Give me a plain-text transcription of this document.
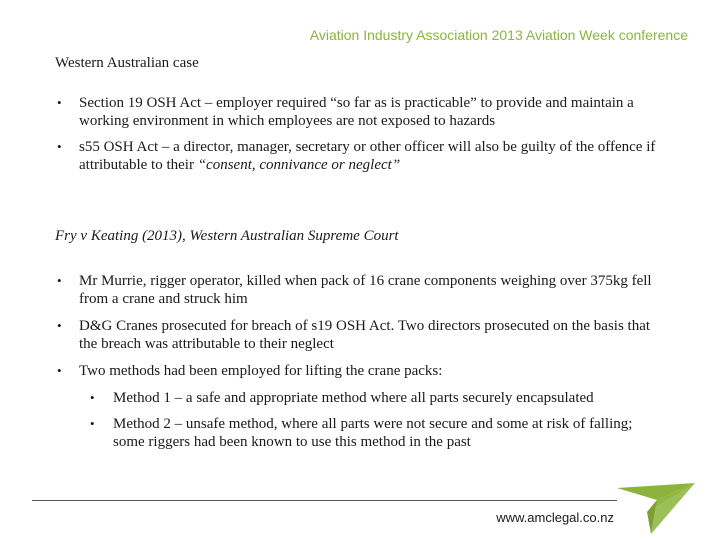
Aviation Industry Association 2013 Aviation Week conference
Western Australian case
• Section 19 OSH Act – employer required “so far as is practicable” to provide and maintain a working environment in which employees are not exposed to hazards
• s55 OSH Act – a director, manager, secretary or other officer will also be guilty of the offence if attributable to their “consent, connivance or neglect”
Fry v Keating (2013), Western Australian Supreme Court
• Mr Murrie, rigger operator, killed when pack of 16 crane components weighing over 375kg fell from a crane and struck him
• D&G Cranes prosecuted for breach of s19 OSH Act. Two directors prosecuted on the basis that the breach was attributable to their neglect
• Two methods had been employed for lifting the crane packs:
• Method 1 – a safe and appropriate method where all parts securely encapsulated
• Method 2 – unsafe method, where all parts were not secure and some at risk of falling; some riggers had been known to use this method in the past
www.amclegal.co.nz
